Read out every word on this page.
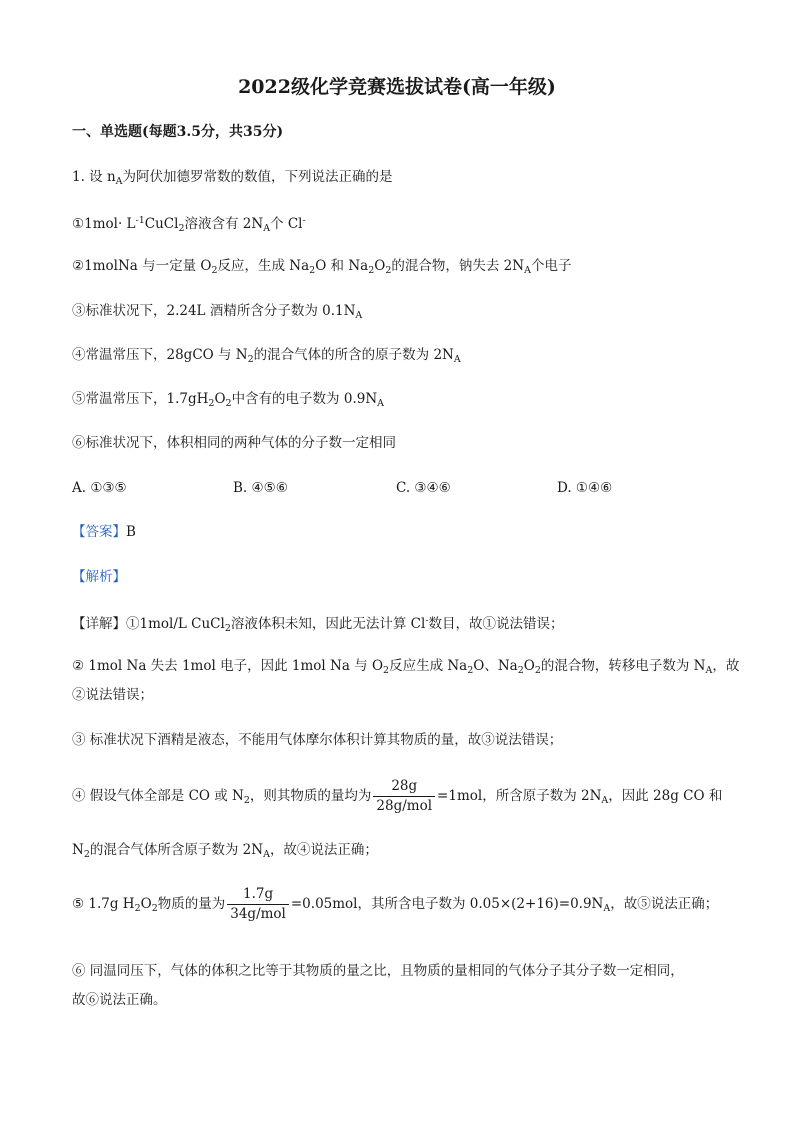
2022级化学竞赛选拔试卷(高一年级)
一、单选题(每题3.5分，共35分)
1. 设 $n_A$为阿伏加德罗常数的数值，下列说法正确的是
①1mol· $L^{-1}CuCl_2$溶液含有 $2N_A$个 Cl-
②1molNa 与一定量 $O_2$反应，生成 $Na_2O$ 和 $Na_2O_2$的混合物，钠失去 $2N_A$个电子
③标准状况下，2.24L 酒精所含分子数为 $0.1N_A$
④常温常压下，28gCO 与 $N_2$的混合气体的所含的原子数为 $2N_A$
⑤常温常压下，$1.7gH_2O_2$中含有的电子数为 $0.9N_A$
⑥标准状况下，体积相同的两种气体的分子数一定相同
A. ①③⑤	B. ④⑤⑥	C. ③④⑥	D. ①④⑥
【答案】B
【解析】
【详解】①1mol/L CuCl$_2$溶液体积未知，因此无法计算 Cl-数目，故①说法错误；
② 1mol Na 失去 1mol 电子，因此 1mol Na 与 $O_2$反应生成 $Na_2O$、$Na_2O_2$的混合物，转移电子数为 $N_A$，故
②说法错误；
③ 标准状况下酒精是液态，不能用气体摩尔体积计算其物质的量，故③说法错误；
④ 假设气体全部是 CO 或 $N_2$，则其物质的量均为 $\frac{28g}{\text{28g/mol}} =1mol$，所含原子数为 $2N_A$，因此 28g CO 和
$N_2$的混合气体所含原子数为 $2N_A$，故④说法正确；
⑤ 1.7g $H_2O_2$物质的量为 $\frac{1.7g}{\text{34g/mol}} =0.05mol$，其所含电子数为 $0.05\times(2+16)=0.9N_A$，故⑤说法正确；
⑥ 同温同压下，气体的体积之比等于其物质的量之比，且物质的量相同的气体分子其分子数一定相同，
故⑥说法正确。
